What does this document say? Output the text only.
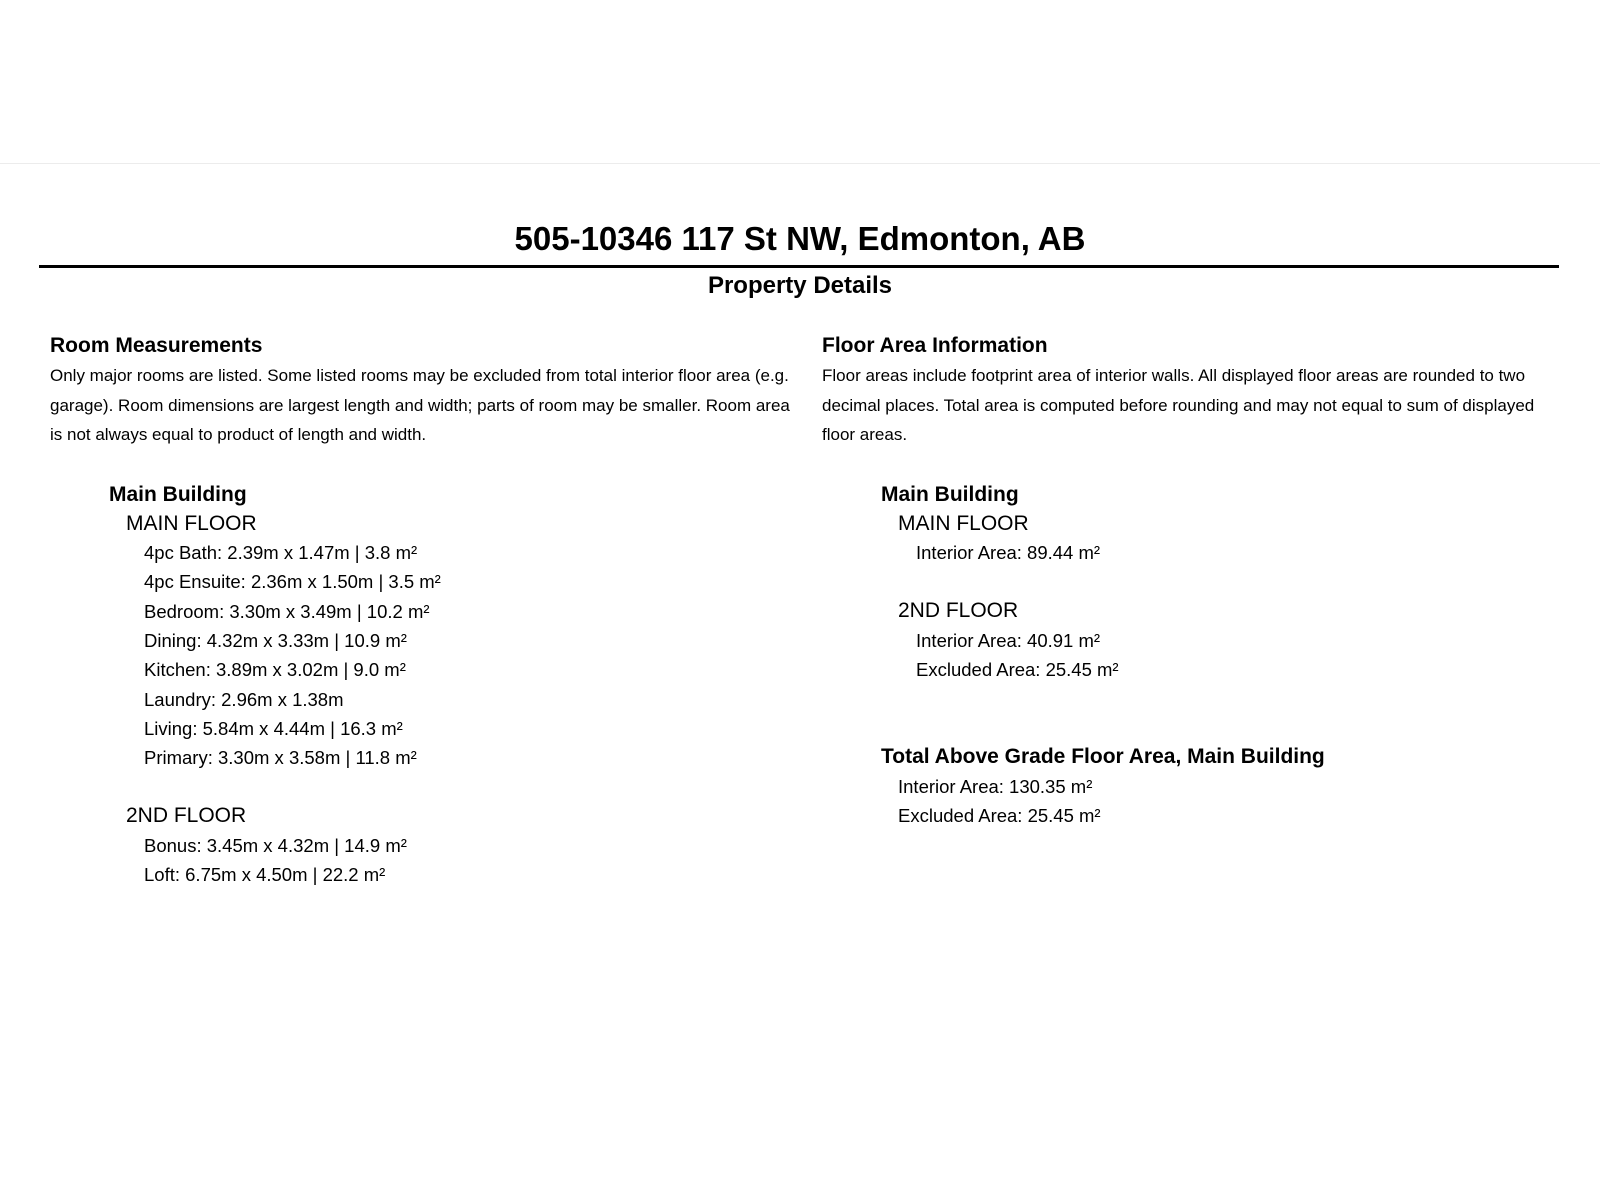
505-10346 117 St NW, Edmonton, AB
Property Details
Room Measurements

Only major rooms are listed. Some listed rooms may be excluded from total interior floor area (e.g. garage). Room dimensions are largest length and width; parts of room may be smaller. Room area is not always equal to product of length and width.

Main Building
MAIN FLOOR
4pc Bath: 2.39m x 1.47m | 3.8 m²
4pc Ensuite: 2.36m x 1.50m | 3.5 m²
Bedroom: 3.30m x 3.49m | 10.2 m²
Dining: 4.32m x 3.33m | 10.9 m²
Kitchen: 3.89m x 3.02m | 9.0 m²
Laundry: 2.96m x 1.38m
Living: 5.84m x 4.44m | 16.3 m²
Primary: 3.30m x 3.58m | 11.8 m²
2ND FLOOR
Bonus: 3.45m x 4.32m | 14.9 m²
Loft: 6.75m x 4.50m | 22.2 m²
Floor Area Information

Floor areas include footprint area of interior walls. All displayed floor areas are rounded to two decimal places. Total area is computed before rounding and may not equal to sum of displayed floor areas.

Main Building
MAIN FLOOR
Interior Area: 89.44 m²
2ND FLOOR
Interior Area: 40.91 m²
Excluded Area: 25.45 m²
Total Above Grade Floor Area, Main Building
Interior Area: 130.35 m²
Excluded Area: 25.45 m²
